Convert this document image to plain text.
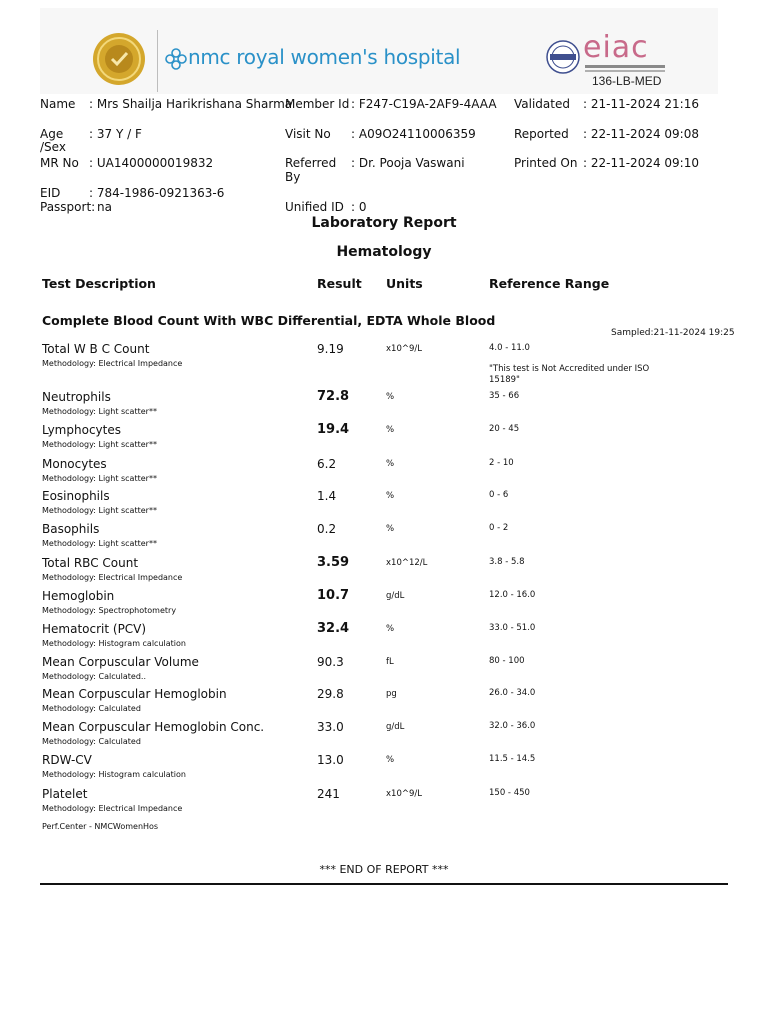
nmc royal women's hospital	eiac
136-LB-MED
Name : Mrs Shailja Harikrishana Sharma
Age
/Sex
: 37 Y / F
MR No : UA1400000019832
EID : 784-1986-0921363-6
Passport: na
Member Id : F247-C19A-2AF9-4AAA
Visit No : A09O24110006359
Referred
By
: Dr. Pooja Vaswani
Unified ID : 0
Validated : 21-11-2024 21:16
Reported : 22-11-2024 09:08
Printed On : 22-11-2024 09:10
Laboratory Report
Hematology
Test Description	Result Units	Reference Range
Complete Blood Count With WBC Differential, EDTA Whole Blood
Sampled:21-11-2024 19:25
"This test is Not Accredited under ISO 15189"
Total W B C Count
Methodology: Electrical Impedance
9.19	x10^9/L	4.0 - 11.0
Neutrophils
Methodology: Light scatter**
72.8	%	35 - 66
Lymphocytes
Methodology: Light scatter**
19.4	%	20 - 45
Monocytes
Methodology: Light scatter**
6.2	%	2 - 10
Eosinophils
Methodology: Light scatter**
1.4	%	0 - 6
Basophils
Methodology: Light scatter**
0.2	%	0 - 2
Total RBC Count
Methodology: Electrical Impedance
3.59	x10^12/L	3.8 - 5.8
Hemoglobin
Methodology: Spectrophotometry
10.7	g/dL	12.0 - 16.0
Hematocrit (PCV)
Methodology: Histogram calculation
32.4	%	33.0 - 51.0
Mean Corpuscular Volume
Methodology: Calculated..
90.3	fL	80 - 100
Mean Corpuscular Hemoglobin
Methodology: Calculated
29.8	pg	26.0 - 34.0
Mean Corpuscular Hemoglobin Conc.
Methodology: Calculated
33.0	g/dL	32.0 - 36.0
RDW-CV
Methodology: Histogram calculation
13.0	%	11.5 - 14.5
Platelet
Methodology: Electrical Impedance
241	x10^9/L	150 - 450
Perf.Center - NMCWomenHos
*** END OF REPORT ***
